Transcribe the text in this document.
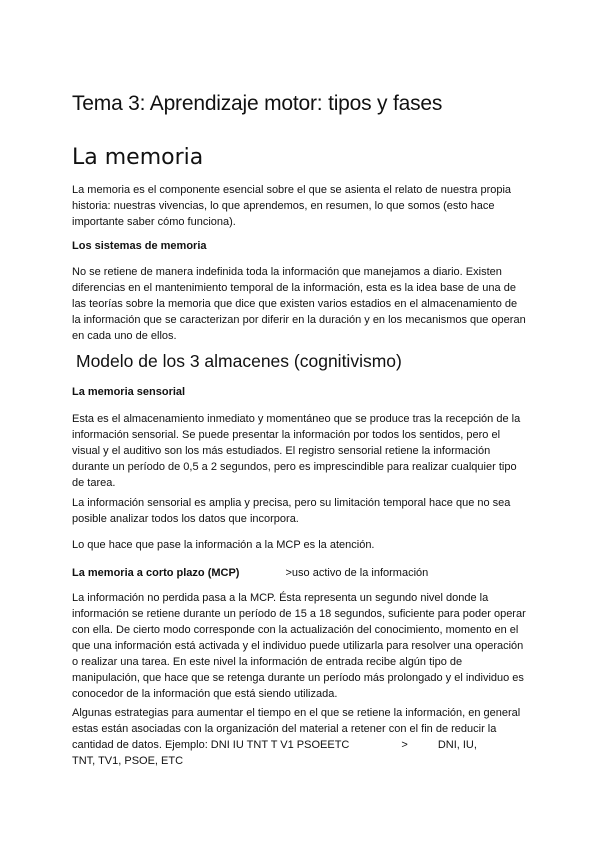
Tema 3: Aprendizaje motor: tipos y fases
La memoria

La memoria es el componente esencial sobre el que se asienta el relato de nuestra propia historia: nuestras vivencias, lo que aprendemos, en resumen, lo que somos (esto hace importante saber cómo funciona).

Los sistemas de memoria

No se retiene de manera indefinida toda la información que manejamos a diario. Existen diferencias en el mantenimiento temporal de la información, esta es la idea base de una de las teorías sobre la memoria que dice que existen varios estadios en el almacenamiento de la información que se caracterizan por diferir en la duración y en los mecanismos que operan en cada uno de ellos.

Modelo de los 3 almacenes (cognitivismo)
La memoria sensorial

Esta es el almacenamiento inmediato y momentáneo que se produce tras la recepción de la información sensorial. Se puede presentar la información por todos los sentidos, pero el visual y el auditivo son los más estudiados. El registro sensorial retiene la información durante un período de 0,5 a 2 segundos, pero es imprescindible para realizar cualquier tipo de tarea.

La información sensorial es amplia y precisa, pero su limitación temporal hace que no sea posible analizar todos los datos que incorpora.

Lo que hace que pase la información a la MCP es la atención.

La memoria a corto plazo (MCP)	>uso activo de la información

La información no perdida pasa a la MCP. Ésta representa un segundo nivel donde la información se retiene durante un período de 15 a 18 segundos, suficiente para poder operar con ella. De cierto modo corresponde con la actualización del conocimiento, momento en el que una información está activada y el individuo puede utilizarla para resolver una operación o realizar una tarea. En este nivel la información de entrada recibe algún tipo de manipulación, que hace que se retenga durante un período más prolongado y el individuo es conocedor de la información que está siendo utilizada.

Algunas estrategias para aumentar el tiempo en el que se retiene la información, en general estas están asociadas con la organización del material a retener con el fin de reducir la cantidad de datos. Ejemplo: DNI IU TNT T V1 PSOEETC	>	DNI, IU,
TNT, TV1, PSOE, ETC
